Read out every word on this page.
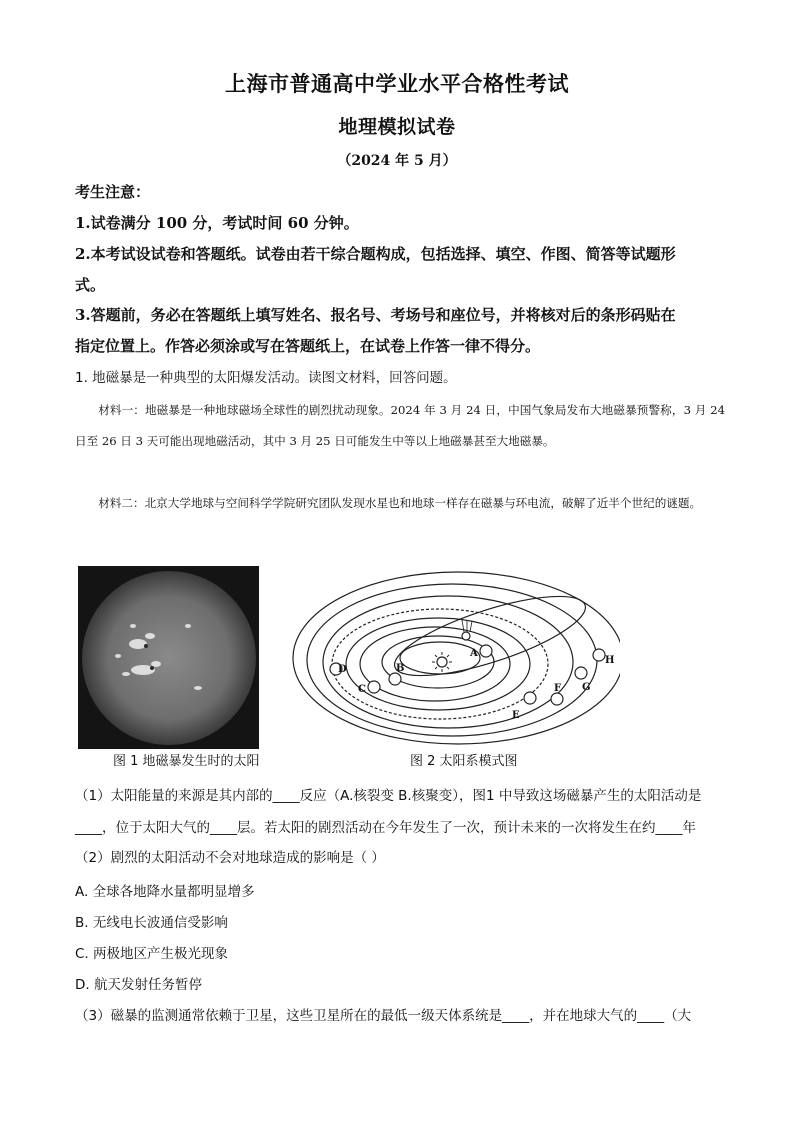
上海市普通高中学业水平合格性考试
地理模拟试卷
（2024 年 5 月）
考生注意：
1.试卷满分 100 分，考试时间 60 分钟。
2.本考试设试卷和答题纸。试卷由若干综合题构成，包括选择、填空、作图、简答等试题形
式。
3.答题前，务必在答题纸上填写姓名、报名号、考场号和座位号，并将核对后的条形码贴在
指定位置上。作答必须涂或写在答题纸上，在试卷上作答一律不得分。
1. 地磁暴是一种典型的太阳爆发活动。读图文材料，回答问题。
材料一：地磁暴是一种地球磁场全球性的剧烈扰动现象。2024 年 3 月 24 日，中国气象局发布大地磁暴预警称，3 月 24 日至 26 日 3 天可能出现地磁活动，其中 3 月 25 日可能发生中等以上地磁暴甚至大地磁暴。
材料二：北京大学地球与空间科学学院研究团队发现水星也和地球一样存在磁暴与环电流，破解了近半个世纪的谜题。
图 1 地磁暴发生时的太阳
A
B
C
D
E
F G
H
图 2 太阳系模式图
（1）太阳能量的来源是其内部的____反应（A.核裂变 B.核聚变），图1 中导致这场磁暴产生的太阳活动是
____，位于太阳大气的____层。若太阳的剧烈活动在今年发生了一次，预计未来的一次将发生在约____年
（2）剧烈的太阳活动不会对地球造成的影响是（ ）
A. 全球各地降水量都明显增多
B. 无线电长波通信受影响
C. 两极地区产生极光现象
D. 航天发射任务暂停
（3）磁暴的监测通常依赖于卫星，这些卫星所在的最低一级天体系统是____，并在地球大气的____（大
